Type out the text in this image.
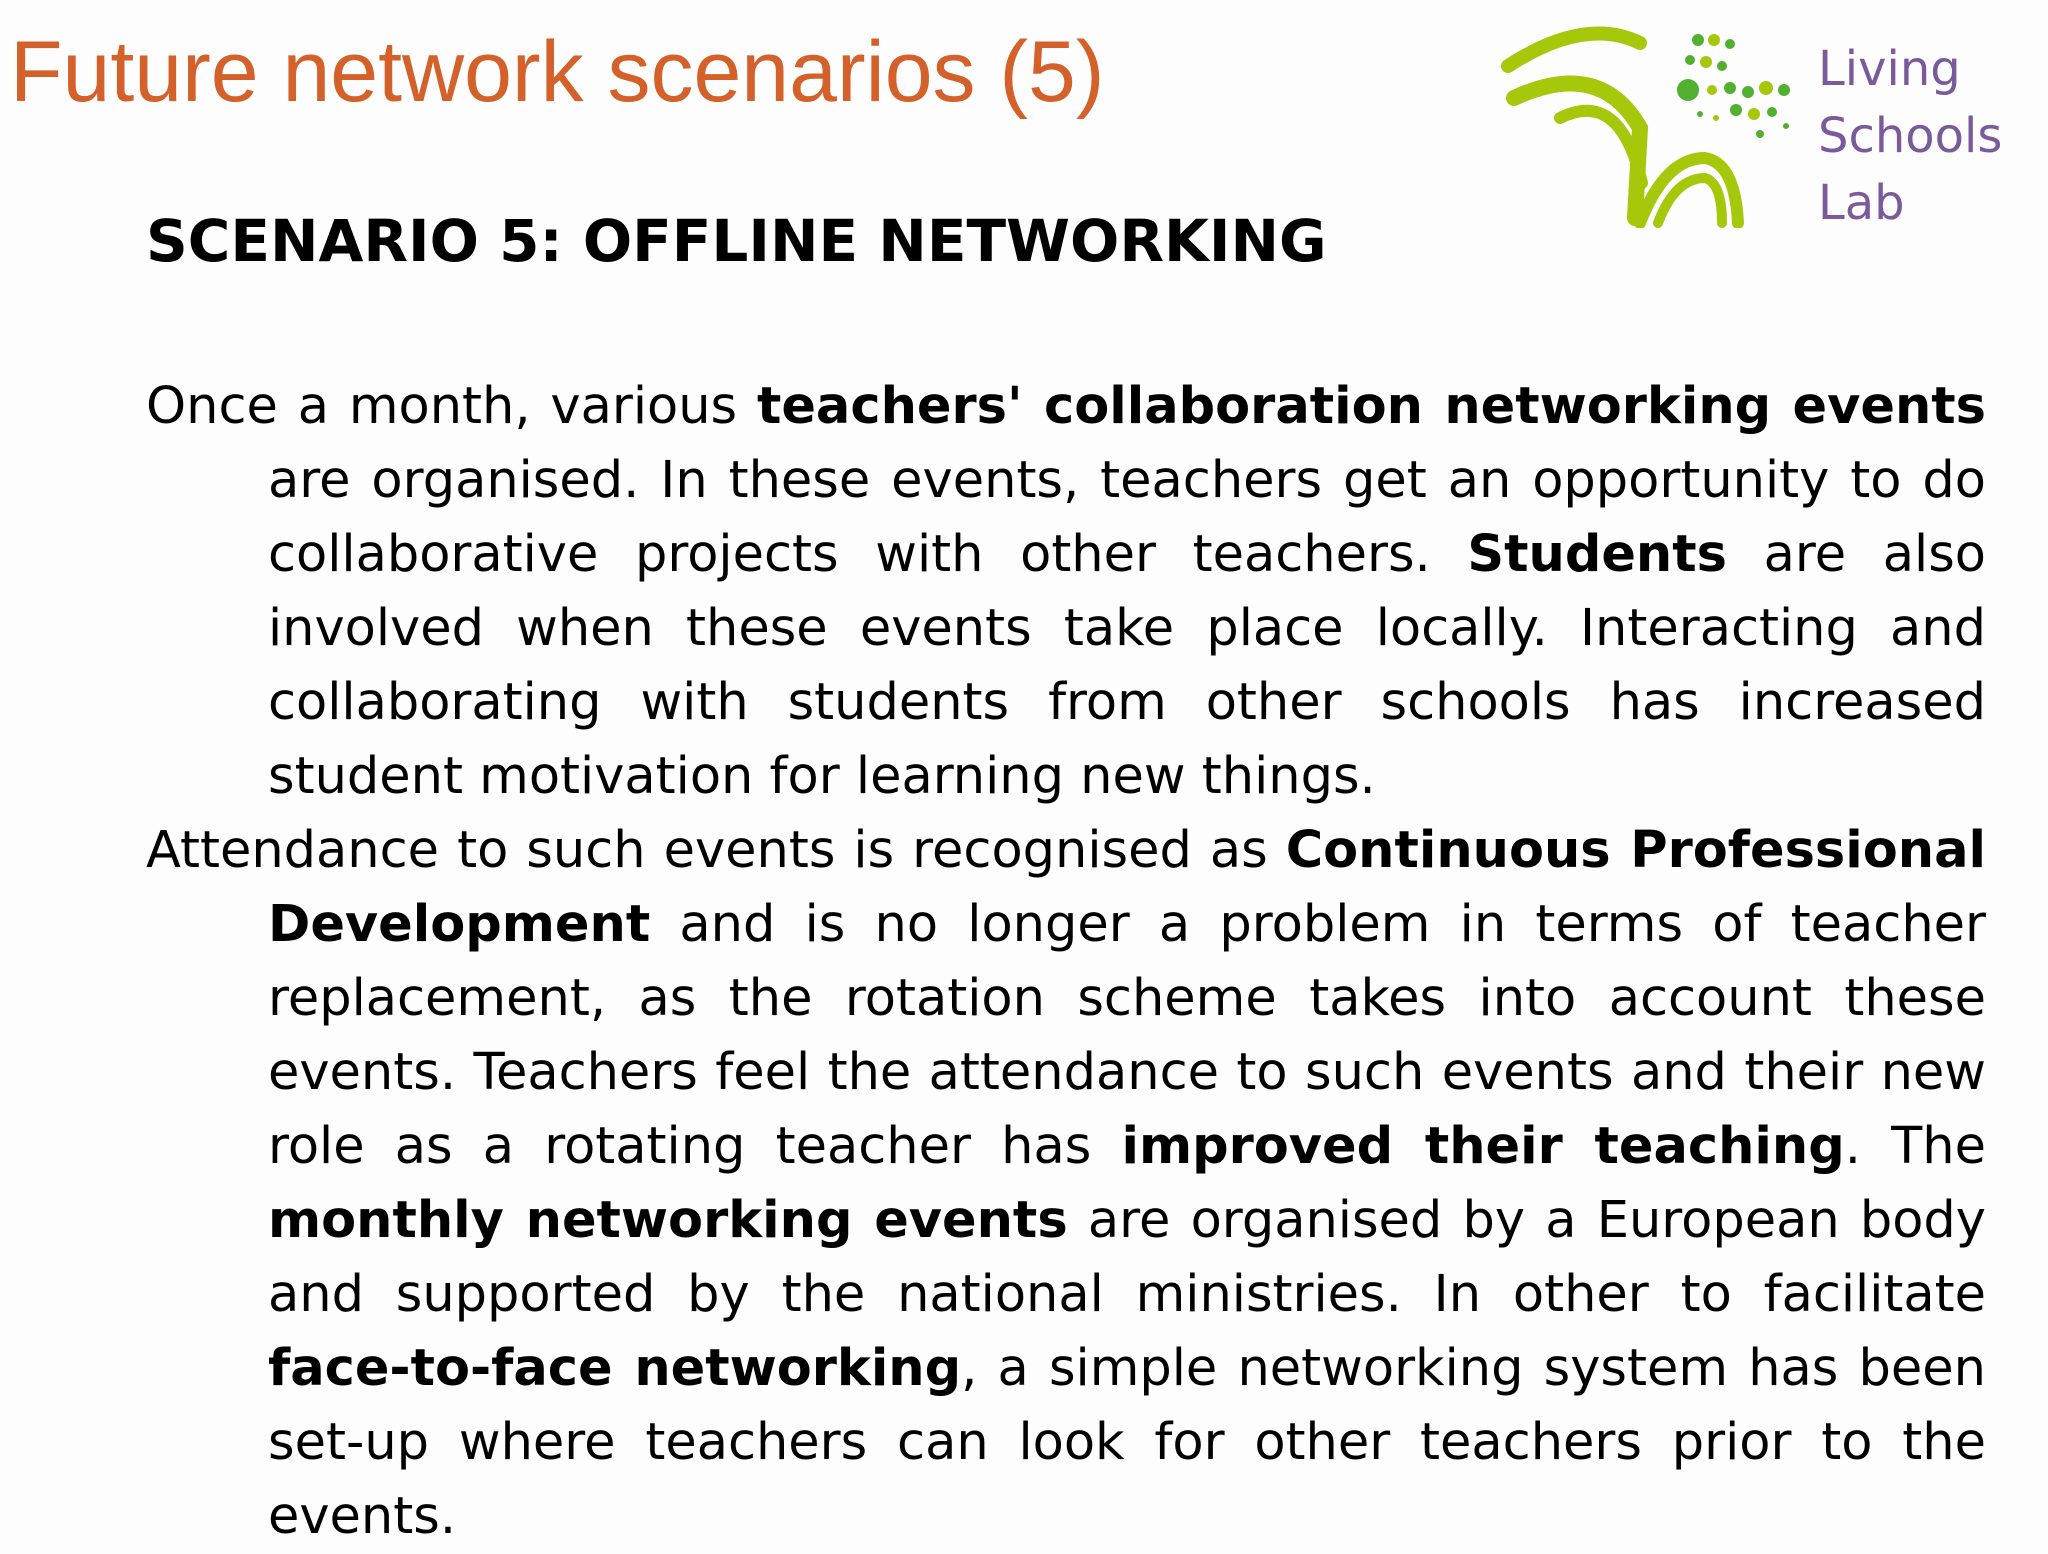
Future network scenarios (5)	Living
Schools
Lab
SCENARIO 5: OFFLINE NETWORKING

Once a month, various teachers' collaboration networking events are organised. In these events, teachers get an opportunity to do collaborative projects with other teachers. Students are also involved when these events take place locally. Interacting and collaborating with students from other schools has increased student motivation for learning new things.

Attendance to such events is recognised as Continuous Professional Development and is no longer a problem in terms of teacher replacement, as the rotation scheme takes into account these events. Teachers feel the attendance to such events and their new role as a rotating teacher has improved their teaching. The monthly networking events are organised by a European body and supported by the national ministries. In other to facilitate face-to-face networking, a simple networking system has been set-up where teachers can look for other teachers prior to the events.
